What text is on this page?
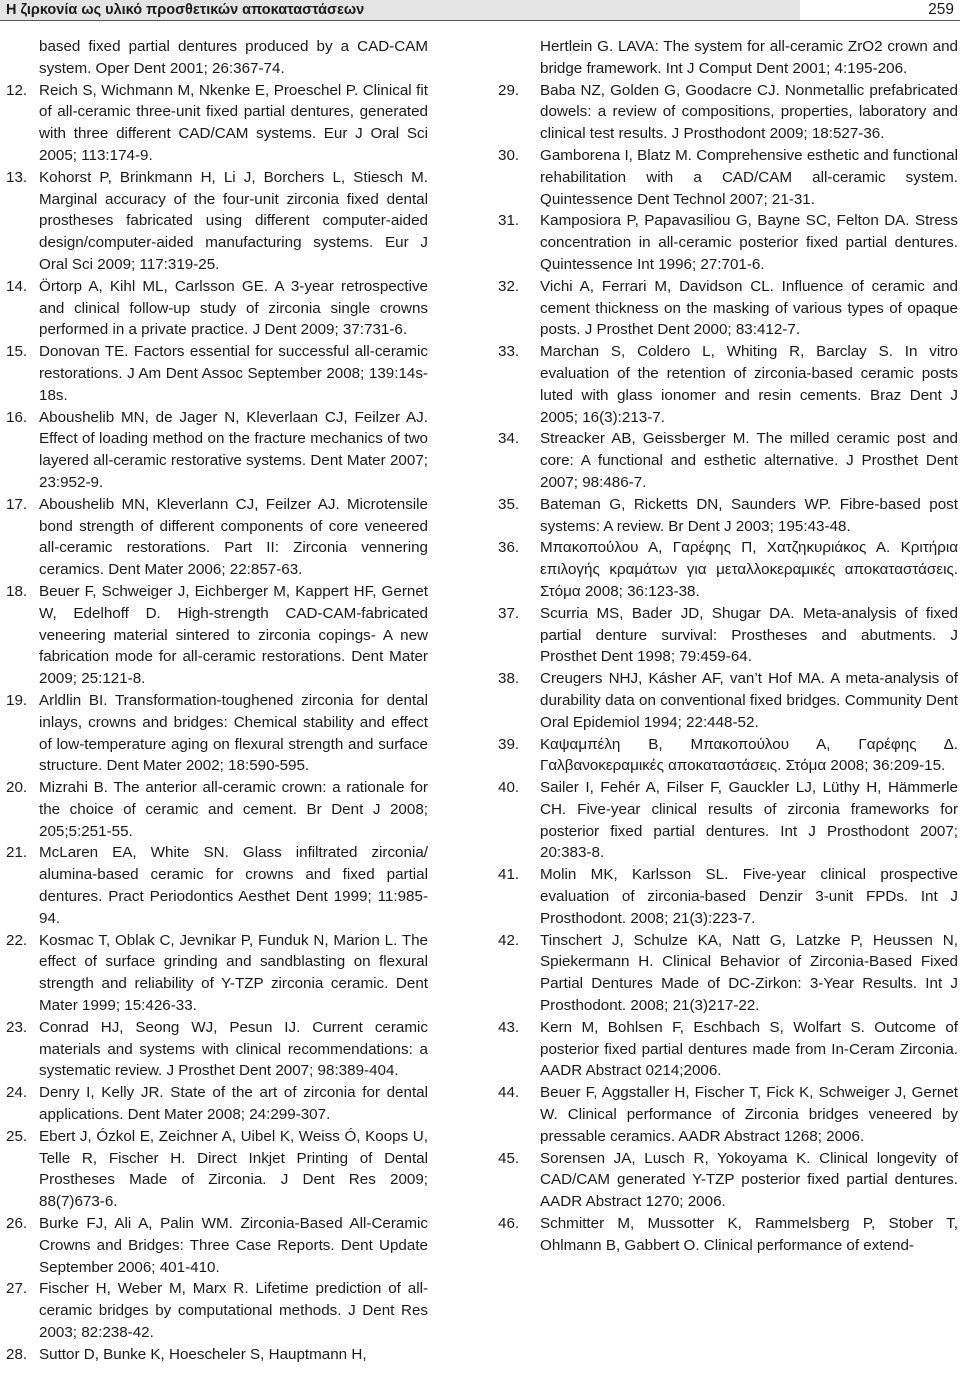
Η ζιρκονία ως υλικό προσθετικών αποκαταστάσεων	259
based fixed partial dentures produced by a CAD-CAM system. Oper Dent 2001; 26:367-74.
12. Reich S, Wichmann M, Nkenke E, Proeschel P. Clinical fit of all-ceramic three-unit fixed partial dentures, generated with three different CAD/CAM systems. Eur J Oral Sci 2005; 113:174-9.
13. Kohorst P, Brinkmann H, Li J, Borchers L, Stiesch M. Marginal accuracy of the four-unit zirconia fixed dental prostheses fabricated using different computer-aided design/computer-aided manufacturing systems. Eur J Oral Sci 2009; 117:319-25.
14. Örtorp A, Kihl ML, Carlsson GE. A 3-year retrospective and clinical follow-up study of zirconia single crowns performed in a private practice. J Dent 2009; 37:731-6.
15. Donovan TE. Factors essential for successful all-ceramic restorations. J Am Dent Assoc September 2008; 139:14s-18s.
16. Aboushelib MN, de Jager N, Kleverlaan CJ, Feilzer AJ. Effect of loading method on the fracture mechanics of two layered all-ceramic restorative systems. Dent Mater 2007; 23:952-9.
17. Aboushelib MN, Kleverlann CJ, Feilzer AJ. Microtensile bond strength of different components of core veneered all-ceramic restorations. Part II: Zirconia vennering ceramics. Dent Mater 2006; 22:857-63.
18. Beuer F, Schweiger J, Eichberger M, Kappert HF, Gernet W, Edelhoff D. High-strength CAD-CAM-fabricated veneering material sintered to zirconia copings- A new fabrication mode for all-ceramic restorations. Dent Mater 2009; 25:121-8.
19. Arldlin BI. Transformation-toughened zirconia for dental inlays, crowns and bridges: Chemical stability and effect of low-temperature aging on flexural strength and surface structure. Dent Mater 2002; 18:590-595.
20. Mizrahi B. The anterior all-ceramic crown: a rationale for the choice of ceramic and cement. Br Dent J 2008; 205;5:251-55.
21. McLaren EA, White SN. Glass infiltrated zirconia/ alumina-based ceramic for crowns and fixed partial dentures. Pract Periodontics Aesthet Dent 1999; 11:985-94.
22. Kosmac T, Oblak C, Jevnikar P, Funduk N, Marion L. The effect of surface grinding and sandblasting on flexural strength and reliability of Y-TZP zirconia ceramic. Dent Mater 1999; 15:426-33.
23. Conrad HJ, Seong WJ, Pesun IJ. Current ceramic materials and systems with clinical recommendations: a systematic review. J Prosthet Dent 2007; 98:389-404.
24. Denry I, Kelly JR. State of the art of zirconia for dental applications. Dent Mater 2008; 24:299-307.
25. Ebert J, Ózkol E, Zeichner A, Uibel K, Weiss Ó, Koops U, Telle R, Fischer H. Direct Inkjet Printing of Dental Prostheses Made of Zirconia. J Dent Res 2009; 88(7)673-6.
26. Burke FJ, Ali A, Palin WM. Zirconia-Based All-Ceramic Crowns and Bridges: Three Case Reports. Dent Update September 2006; 401-410.
27. Fischer H, Weber M, Marx R. Lifetime prediction of all-ceramic bridges by computational methods. J Dent Res 2003; 82:238-42.
28. Suttor D, Bunke K, Hoescheler S, Hauptmann H,
Hertlein G. LAVA: The system for all-ceramic ZrO2 crown and bridge framework. Int J Comput Dent 2001; 4:195-206.
29. Baba NZ, Golden G, Goodacre CJ. Nonmetallic prefabricated dowels: a review of compositions, properties, laboratory and clinical test results. J Prosthodont 2009; 18:527-36.
30. Gamborena I, Blatz M. Comprehensive esthetic and functional rehabilitation with a CAD/CAM all-ceramic system. Quintessence Dent Technol 2007; 21-31.
31. Kamposiora P, Papavasiliou G, Bayne SC, Felton DA. Stress concentration in all-ceramic posterior fixed partial dentures. Quintessence Int 1996; 27:701-6.
32. Vichi A, Ferrari M, Davidson CL. Influence of ceramic and cement thickness on the masking of various types of opaque posts. J Prosthet Dent 2000; 83:412-7.
33. Marchan S, Coldero L, Whiting R, Barclay S. In vitro evaluation of the retention of zirconia-based ceramic posts luted with glass ionomer and resin cements. Braz Dent J 2005; 16(3):213-7.
34. Streacker AB, Geissberger M. The milled ceramic post and core: A functional and esthetic alternative. J Prosthet Dent 2007; 98:486-7.
35. Bateman G, Ricketts DN, Saunders WP. Fibre-based post systems: A review. Br Dent J 2003; 195:43-48.
36. Μπακοπούλου Α, Γαρέφης Π, Χατζηκυριάκος Α. Κριτήρια επιλογής κραμάτων για μεταλλοκεραμικές αποκαταστάσεις. Στόμα 2008; 36:123-38.
37. Scurria MS, Bader JD, Shugar DA. Meta-analysis of fixed partial denture survival: Prostheses and abutments. J Prosthet Dent 1998; 79:459-64.
38. Creugers NHJ, Kásher AF, van’t Hof MA. A meta-analysis of durability data on conventional fixed bridges. Community Dent Oral Epidemiol 1994; 22:448-52.
39. Καψαμπέλη Β, Μπακοπούλου Α, Γαρέφης Δ. Γαλβανοκεραμικές αποκαταστάσεις. Στόμα 2008; 36:209-15.
40. Sailer I, Fehér A, Filser F, Gauckler LJ, Lüthy H, Hämmerle CH. Five-year clinical results of zirconia frameworks for posterior fixed partial dentures. Int J Prosthodont 2007; 20:383-8.
41. Molin MK, Karlsson SL. Five-year clinical prospective evaluation of zirconia-based Denzir 3-unit FPDs. Int J Prosthodont. 2008; 21(3):223-7.
42. Tinschert J, Schulze KA, Natt G, Latzke P, Heussen N, Spiekermann H. Clinical Behavior of Zirconia-Based Fixed Partial Dentures Made of DC-Zirkon: 3-Year Results. Int J Prosthodont. 2008; 21(3)217-22.
43. Kern M, Bohlsen F, Eschbach S, Wolfart S. Outcome of posterior fixed partial dentures made from In-Ceram Zirconia. AADR Abstract 0214;2006.
44. Beuer F, Aggstaller H, Fischer T, Fick K, Schweiger J, Gernet W. Clinical performance of Zirconia bridges veneered by pressable ceramics. AADR Abstract 1268; 2006.
45. Sorensen JA, Lusch R, Yokoyama K. Clinical longevity of CAD/CAM generated Y-TZP posterior fixed partial dentures. AADR Abstract 1270; 2006.
46. Schmitter M, Mussotter K, Rammelsberg P, Stober T, Ohlmann B, Gabbert O. Clinical performance of extend-
